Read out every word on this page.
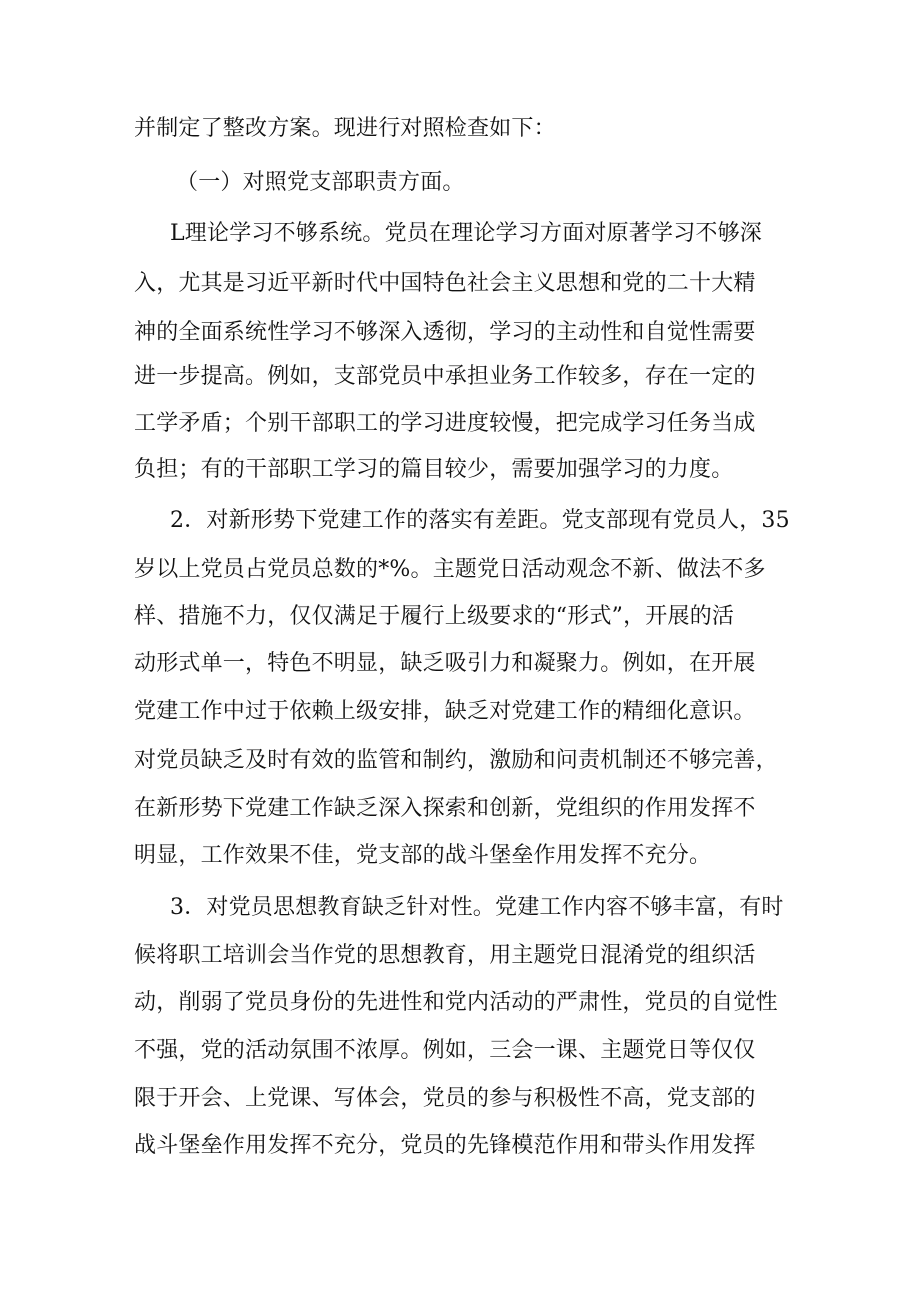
并制定了整改方案。现进行对照检查如下：
（一）对照党支部职责方面。
L理论学习不够系统。党员在理论学习方面对原著学习不够深
入，尤其是习近平新时代中国特色社会主义思想和党的二十大精
神的全面系统性学习不够深入透彻，学习的主动性和自觉性需要
进一步提高。例如，支部党员中承担业务工作较多，存在一定的
工学矛盾；个别干部职工的学习进度较慢，把完成学习任务当成
负担；有的干部职工学习的篇目较少，需要加强学习的力度。
2．对新形势下党建工作的落实有差距。党支部现有党员人，35
岁以上党员占党员总数的*%。主题党日活动观念不新、做法不多
样、措施不力，仅仅满足于履行上级要求的“形式”，开展的活
动形式单一，特色不明显，缺乏吸引力和凝聚力。例如，在开展
党建工作中过于依赖上级安排，缺乏对党建工作的精细化意识。
对党员缺乏及时有效的监管和制约，激励和问责机制还不够完善，
在新形势下党建工作缺乏深入探索和创新，党组织的作用发挥不
明显，工作效果不佳，党支部的战斗堡垒作用发挥不充分。
3．对党员思想教育缺乏针对性。党建工作内容不够丰富，有时
候将职工培训会当作党的思想教育，用主题党日混淆党的组织活
动，削弱了党员身份的先进性和党内活动的严肃性，党员的自觉性
不强，党的活动氛围不浓厚。例如，三会一课、主题党日等仅仅
限于开会、上党课、写体会，党员的参与积极性不高，党支部的
战斗堡垒作用发挥不充分，党员的先锋模范作用和带头作用发挥
